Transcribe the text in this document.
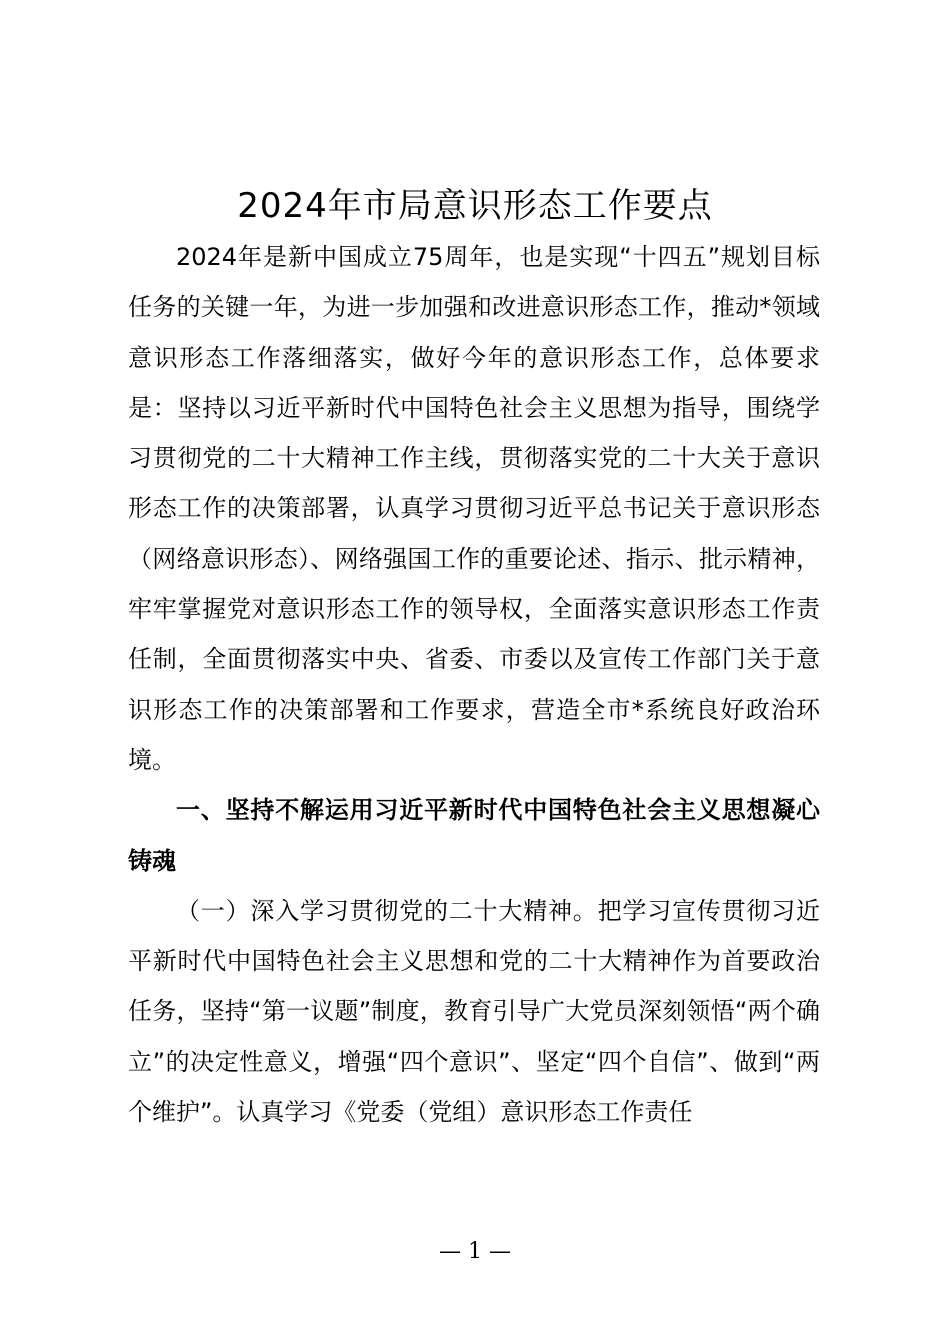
2024年市局意识形态工作要点

2024年是新中国成立75周年，也是实现“十四五”规划目标任务的关键一年，为进一步加强和改进意识形态工作，推动*领域意识形态工作落细落实，做好今年的意识形态工作，总体要求是：坚持以习近平新时代中国特色社会主义思想为指导，围绕学习贯彻党的二十大精神工作主线，贯彻落实党的二十大关于意识形态工作的决策部署，认真学习贯彻习近平总书记关于意识形态（网络意识形态）、网络强国工作的重要论述、指示、批示精神，牢牢掌握党对意识形态工作的领导权，全面落实意识形态工作责任制，全面贯彻落实中央、省委、市委以及宣传工作部门关于意识形态工作的决策部署和工作要求，营造全市*系统良好政治环境。

一、坚持不解运用习近平新时代中国特色社会主义思想凝心铸魂

（一）深入学习贯彻党的二十大精神。把学习宣传贯彻习近平新时代中国特色社会主义思想和党的二十大精神作为首要政治任务，坚持“第一议题”制度，教育引导广大党员深刻领悟“两个确立”的决定性意义，增强“四个意识”、坚定“四个自信”、做到“两个维护”。认真学习《党委（党组）意识形态工作责任

— 1 —
